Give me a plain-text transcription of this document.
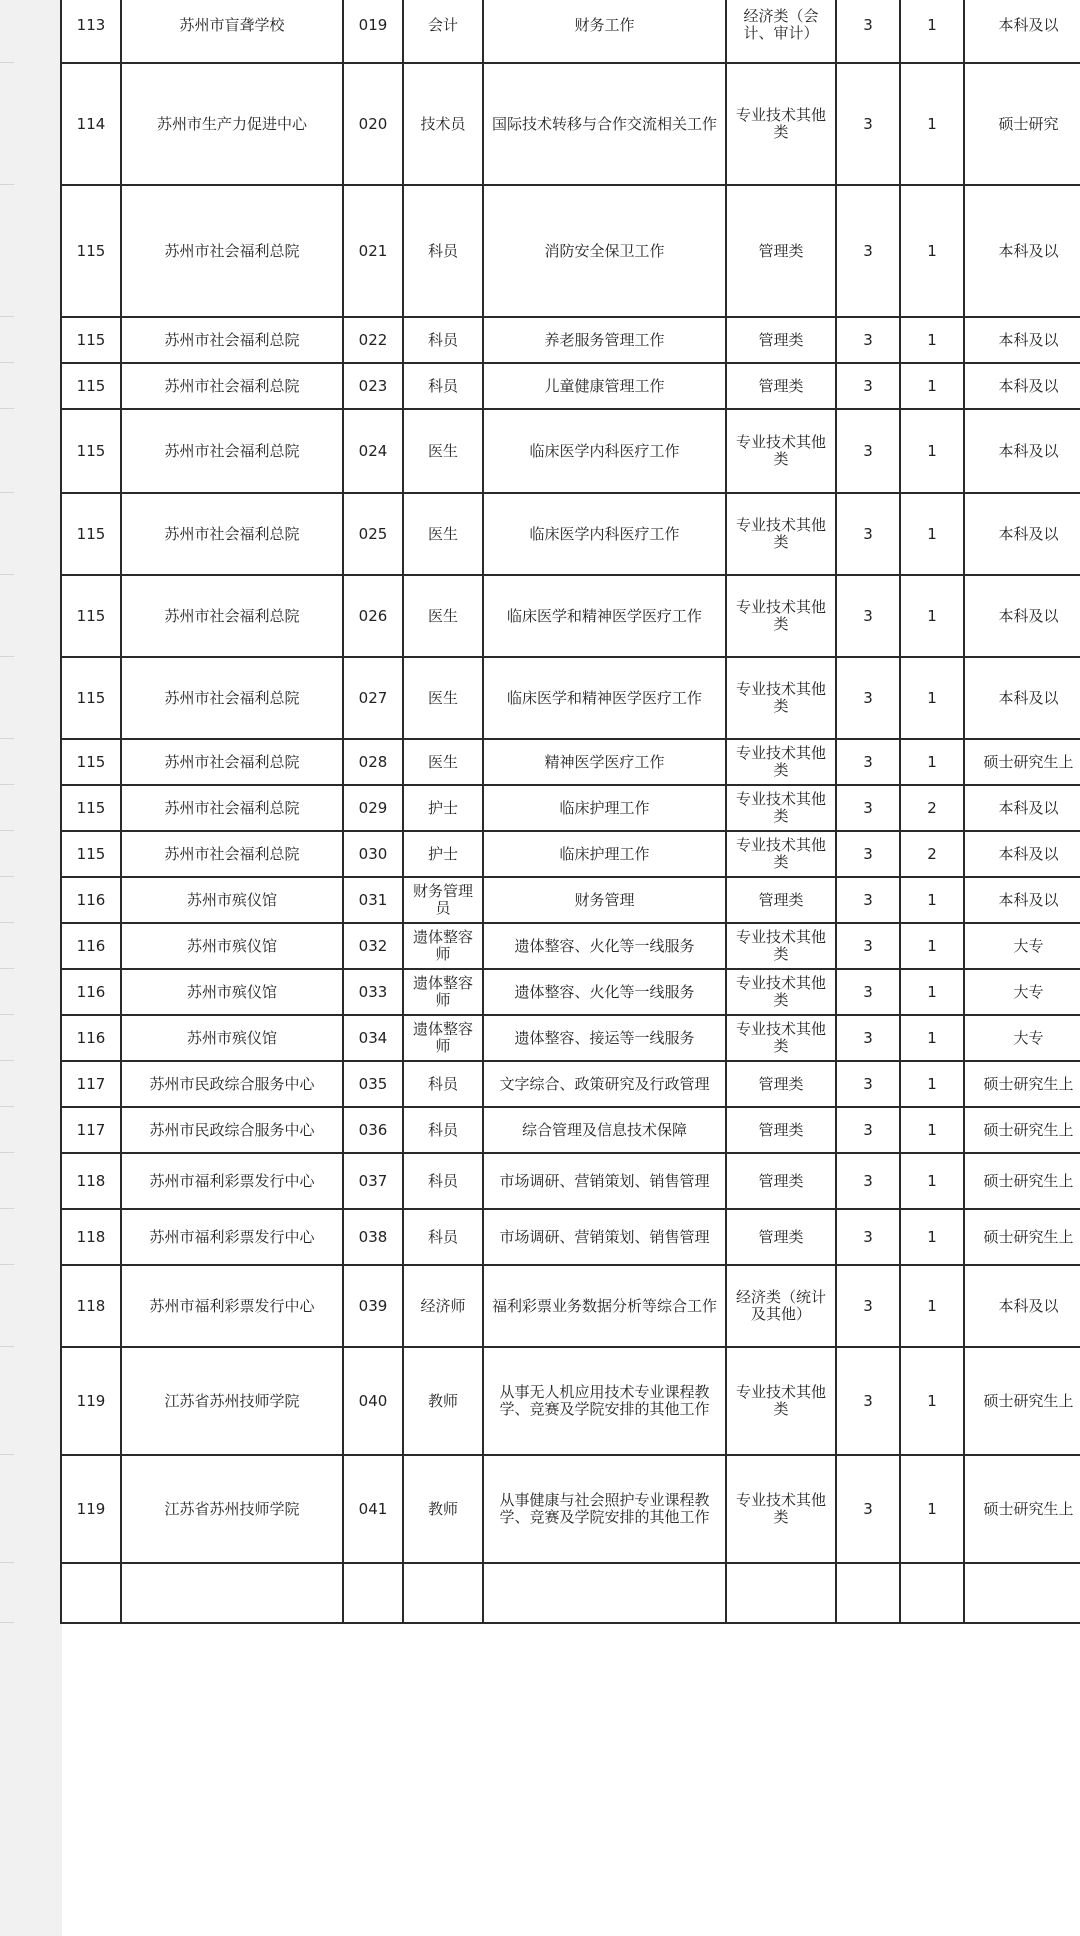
113	苏州市盲聋学校	019	会计	财务工作	经济类（会计、审计）	3	1	本科及以
114	苏州市生产力促进中心	020	技术员	国际技术转移与合作交流相关工作	专业技术其他类	3	1	硕士研究
115	苏州市社会福利总院	021	科员	消防安全保卫工作	管理类	3	1	本科及以
115	苏州市社会福利总院	022	科员	养老服务管理工作	管理类	3	1	本科及以
115	苏州市社会福利总院	023	科员	儿童健康管理工作	管理类	3	1	本科及以
115	苏州市社会福利总院	024	医生	临床医学内科医疗工作	专业技术其他类	3	1	本科及以
115	苏州市社会福利总院	025	医生	临床医学内科医疗工作	专业技术其他类	3	1	本科及以
115	苏州市社会福利总院	026	医生	临床医学和精神医学医疗工作	专业技术其他类	3	1	本科及以
115	苏州市社会福利总院	027	医生	临床医学和精神医学医疗工作	专业技术其他类	3	1	本科及以
115	苏州市社会福利总院	028	医生	精神医学医疗工作	专业技术其他类	3	1	硕士研究生上
115	苏州市社会福利总院	029	护士	临床护理工作	专业技术其他类	3	2	本科及以
115	苏州市社会福利总院	030	护士	临床护理工作	专业技术其他类	3	2	本科及以
116	苏州市殡仪馆	031	财务管理员	财务管理	管理类	3	1	本科及以
116	苏州市殡仪馆	032	遗体整容师	遗体整容、火化等一线服务	专业技术其他类	3	1	大专
116	苏州市殡仪馆	033	遗体整容师	遗体整容、火化等一线服务	专业技术其他类	3	1	大专
116	苏州市殡仪馆	034	遗体整容师	遗体整容、接运等一线服务	专业技术其他类	3	1	大专
117	苏州市民政综合服务中心	035	科员	文字综合、政策研究及行政管理	管理类	3	1	硕士研究生上
117	苏州市民政综合服务中心	036	科员	综合管理及信息技术保障	管理类	3	1	硕士研究生上
118	苏州市福利彩票发行中心	037	科员	市场调研、营销策划、销售管理	管理类	3	1	硕士研究生上
118	苏州市福利彩票发行中心	038	科员	市场调研、营销策划、销售管理	管理类	3	1	硕士研究生上
118	苏州市福利彩票发行中心	039	经济师	福利彩票业务数据分析等综合工作	经济类（统计及其他）	3	1	本科及以
119	江苏省苏州技师学院	040	教师	从事无人机应用技术专业课程教学、竞赛及学院安排的其他工作	专业技术其他类	3	1	硕士研究生上
119	江苏省苏州技师学院	041	教师	从事健康与社会照护专业课程教学、竞赛及学院安排的其他工作	专业技术其他类	3	1	硕士研究生上
